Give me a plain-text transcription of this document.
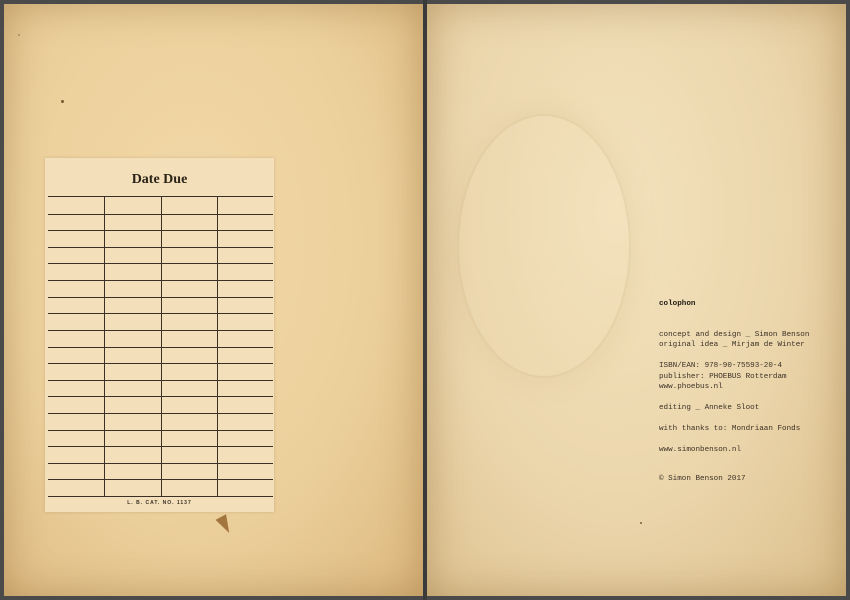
Date Due
L. B. CAT. NO. 1137
colophon
concept and design _ Simon Benson
original idea _ Mirjam de Winter
ISBN/EAN: 978-90-75593-20-4
publisher: PHOEBUS Rotterdam
www.phoebus.nl
editing _ Anneke Sloot
with thanks to: Mondriaan Fonds
www.simonbenson.nl
© Simon Benson 2017
